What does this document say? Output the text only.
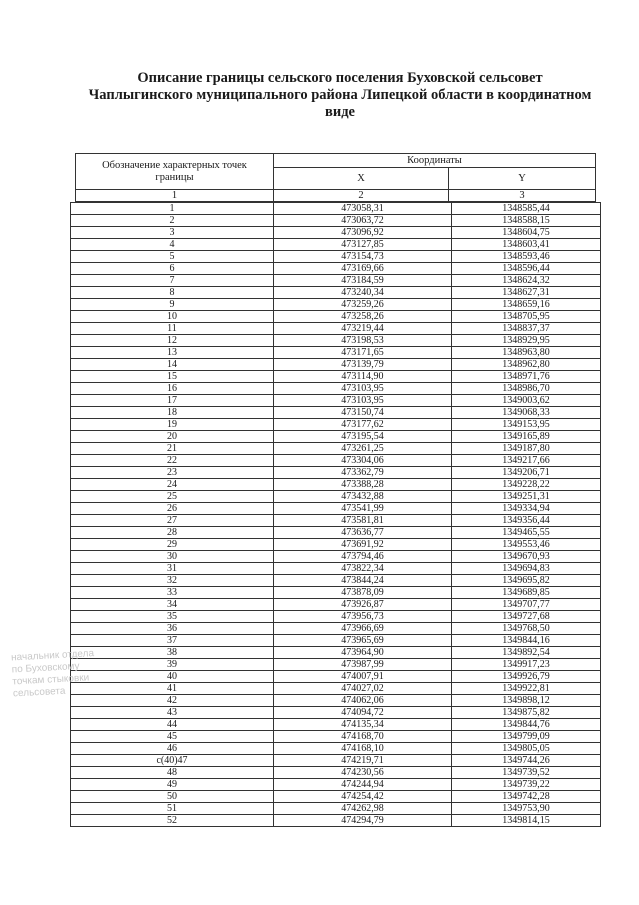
Описание границы сельского поселения Буховской сельсовет
Чаплыгинского муниципального района Липецкой области в координатном
виде
Обозначение характерных точек границы	Координаты	
	X	Y
1	2	3
1	473058,31	1348585,44
2	473063,72	1348588,15
3	473096,92	1348604,75
4	473127,85	1348603,41
5	473154,73	1348593,46
6	473169,66	1348596,44
7	473184,59	1348624,32
8	473240,34	1348627,31
9	473259,26	1348659,16
10	473258,26	1348705,95
11	473219,44	1348837,37
12	473198,53	1348929,95
13	473171,65	1348963,80
14	473139,79	1348962,80
15	473114,90	1348971,76
16	473103,95	1348986,70
17	473103,95	1349003,62
18	473150,74	1349068,33
19	473177,62	1349153,95
20	473195,54	1349165,89
21	473261,25	1349187,80
22	473304,06	1349217,66
23	473362,79	1349206,71
24	473388,28	1349228,22
25	473432,88	1349251,31
26	473541,99	1349334,94
27	473581,81	1349356,44
28	473636,77	1349465,55
29	473691,92	1349553,46
30	473794,46	1349670,93
31	473822,34	1349694,83
32	473844,24	1349695,82
33	473878,09	1349689,85
34	473926,87	1349707,77
35	473956,73	1349727,68
36	473966,69	1349768,50
37	473965,69	1349844,16
38	473964,90	1349892,54
39	473987,99	1349917,23
40	474007,91	1349926,79
41	474027,02	1349922,81
42	474062,06	1349898,12
43	474094,72	1349875,82
44	474135,34	1349844,76
45	474168,70	1349799,09
46	474168,10	1349805,05
с(40)47	474219,71	1349744,26
48	474230,56	1349739,52
49	474244,94	1349739,22
50	474254,42	1349742,28
51	474262,98	1349753,90
52	474294,79	1349814,15
начальник отдела
по Буховскому
точкам стыковки
сельсовета
